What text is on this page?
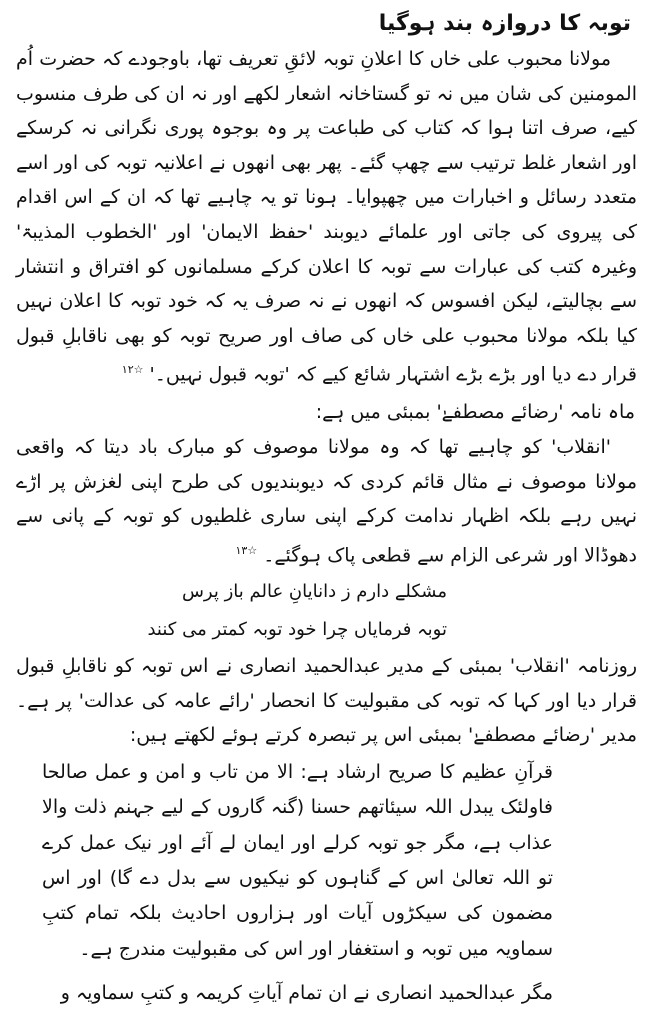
توبہ کا دروازہ بند ہوگیا

مولانا محبوب علی خاں کا اعلانِ توبہ لائقِ تعریف تھا، باوجودے کہ حضرت اُم المومنین کی شان میں نہ تو گستاخانہ اشعار لکھے اور نہ ان کی طرف منسوب کیے، صرف اتنا ہوا کہ کتاب کی طباعت پر وہ بوجوہ پوری نگرانی نہ کرسکے اور اشعار غلط ترتیب سے چھپ گئے۔ پھر بھی انھوں نے اعلانیہ توبہ کی اور اسے متعدد رسائل و اخبارات میں چھپوایا۔ ہونا تو یہ چاہیے تھا کہ ان کے اس اقدام کی پیروی کی جاتی اور علمائے دیوبند 'حفظ الایمان' اور 'الخطوب المذیبۃ' وغیرہ کتب کی عبارات سے توبہ کا اعلان کرکے مسلمانوں کو افتراق و انتشار سے بچالیتے، لیکن افسوس کہ انھوں نے نہ صرف یہ کہ خود توبہ کا اعلان نہیں کیا بلکہ مولانا محبوب علی خاں کی صاف اور صریح توبہ کو بھی ناقابلِ قبول قرار دے دیا اور بڑے بڑے اشتہار شائع کیے کہ 'توبہ قبول نہیں۔' $^{☆۱۲}$

ماہ نامہ 'رضائے مصطفےٰ' بمبئی میں ہے:

'انقلاب' کو چاہیے تھا کہ وہ مولانا موصوف کو مبارک باد دیتا کہ واقعی مولانا موصوف نے مثال قائم کردی کہ دیوبندیوں کی طرح اپنی لغزش پر اڑے نہیں رہے بلکہ اظہار ندامت کرکے اپنی ساری غلطیوں کو توبہ کے پانی سے دھوڈالا اور شرعی الزام سے قطعی پاک ہوگئے۔ $^{☆۱۳}$

مشکلے دارم ز دانایانِ عالم باز پرس

توبہ فرمایاں چرا خود توبہ کمتر می کنند

روزنامہ 'انقلاب' بمبئی کے مدیر عبدالحمید انصاری نے اس توبہ کو ناقابلِ قبول قرار دیا اور کہا کہ توبہ کی مقبولیت کا انحصار 'رائے عامہ کی عدالت' پر ہے۔ مدیر 'رضائے مصطفےٰ' بمبئی اس پر تبصرہ کرتے ہوئے لکھتے ہیں:

قرآنِ عظیم کا صریح ارشاد ہے: الا من تاب و امن و عمل صالحا فاولئک یبدل اللہ سیئاتھم حسنا (گنہ گاروں کے لیے جہنم ذلت والا عذاب ہے، مگر جو توبہ کرلے اور ایمان لے آئے اور نیک عمل کرے تو اللہ تعالیٰ اس کے گناہوں کو نیکیوں سے بدل دے گا) اور اس مضمون کی سیکڑوں آیات اور ہزاروں احادیث بلکہ تمام کتبِ سماویہ میں توبہ و استغفار اور اس کی مقبولیت مندرج ہے۔

مگر عبدالحمید انصاری نے ان تمام آیاتِ کریمہ و کتبِ سماویہ و
